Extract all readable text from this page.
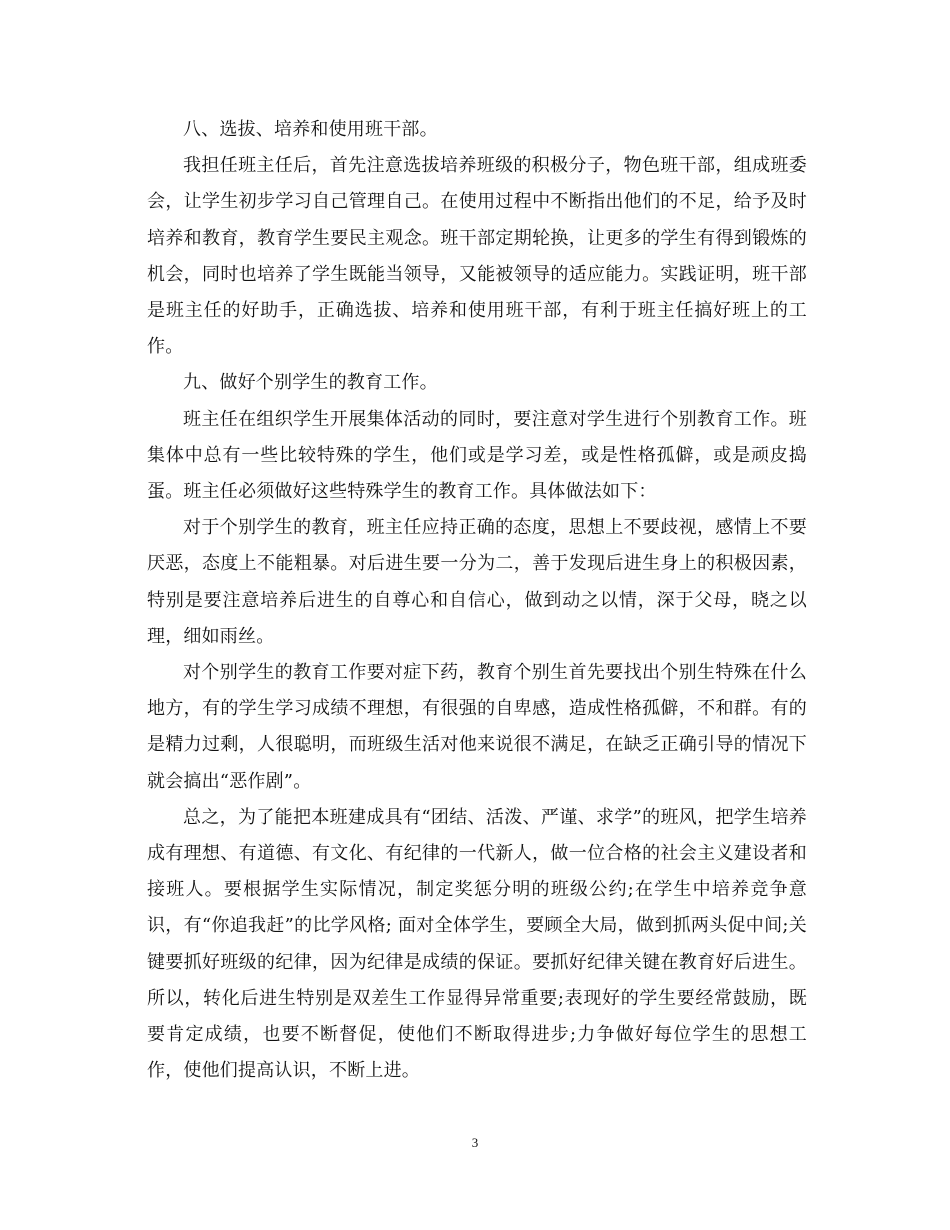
八、选拔、培养和使用班干部。

我担任班主任后，首先注意选拔培养班级的积极分子，物色班干部，组成班委会，让学生初步学习自己管理自己。在使用过程中不断指出他们的不足，给予及时培养和教育，教育学生要民主观念。班干部定期轮换，让更多的学生有得到锻炼的机会，同时也培养了学生既能当领导，又能被领导的适应能力。实践证明，班干部是班主任的好助手，正确选拔、培养和使用班干部，有利于班主任搞好班上的工作。

九、做好个别学生的教育工作。

班主任在组织学生开展集体活动的同时，要注意对学生进行个别教育工作。班集体中总有一些比较特殊的学生，他们或是学习差，或是性格孤僻，或是顽皮捣蛋。班主任必须做好这些特殊学生的教育工作。具体做法如下：

对于个别学生的教育，班主任应持正确的态度，思想上不要歧视，感情上不要厌恶，态度上不能粗暴。对后进生要一分为二，善于发现后进生身上的积极因素，特别是要注意培养后进生的自尊心和自信心，做到动之以情，深于父母，晓之以理，细如雨丝。

对个别学生的教育工作要对症下药，教育个别生首先要找出个别生特殊在什么地方，有的学生学习成绩不理想，有很强的自卑感，造成性格孤僻，不和群。有的是精力过剩，人很聪明，而班级生活对他来说很不满足，在缺乏正确引导的情况下就会搞出“恶作剧”。

总之，为了能把本班建成具有“团结、活泼、严谨、求学”的班风，把学生培养成有理想、有道德、有文化、有纪律的一代新人，做一位合格的社会主义建设者和接班人。要根据学生实际情况，制定奖惩分明的班级公约;在学生中培养竞争意识，有“你追我赶”的比学风格; 面对全体学生，要顾全大局，做到抓两头促中间;关键要抓好班级的纪律，因为纪律是成绩的保证。要抓好纪律关键在教育好后进生。所以，转化后进生特别是双差生工作显得异常重要;表现好的学生要经常鼓励，既要肯定成绩，也要不断督促，使他们不断取得进步;力争做好每位学生的思想工作，使他们提高认识，不断上进。

3
